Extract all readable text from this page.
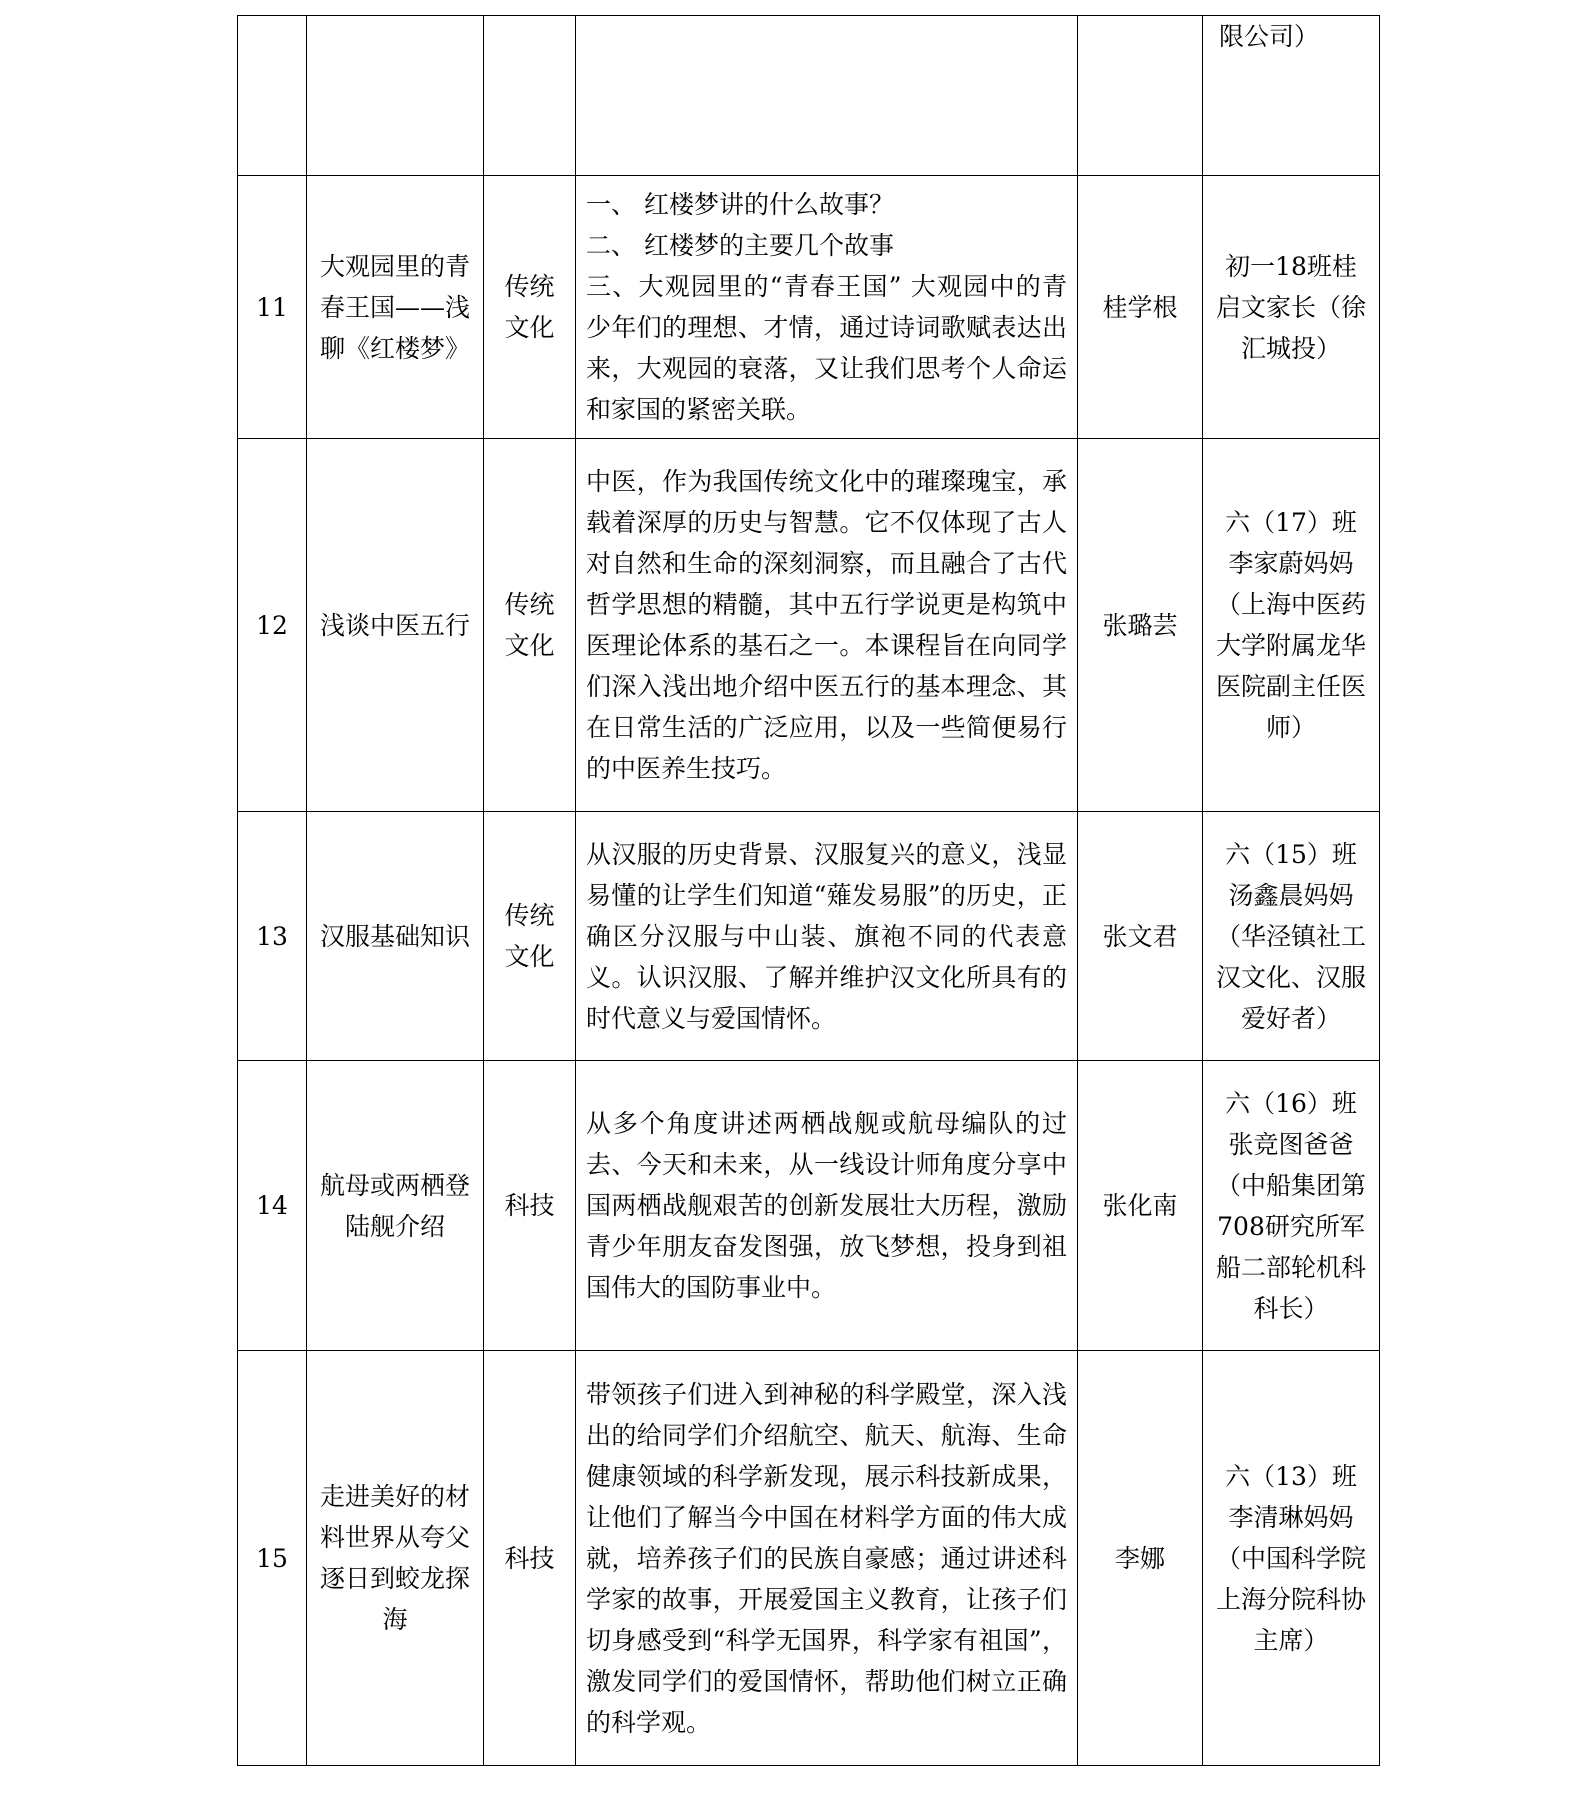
					限公司）
11	大观园里的青春王国——浅聊《红楼梦》	传统文化	一、 红楼梦讲的什么故事？
二、 红楼梦的主要几个故事
三、大观园里的“青春王国” 大观园中的青少年们的理想、才情，通过诗词歌赋表达出来，大观园的衰落，又让我们思考个人命运和家国的紧密关联。	桂学根	初一18班桂启文家长（徐汇城投）
12	浅谈中医五行	传统文化	中医，作为我国传统文化中的璀璨瑰宝，承载着深厚的历史与智慧。它不仅体现了古人对自然和生命的深刻洞察，而且融合了古代哲学思想的精髓，其中五行学说更是构筑中医理论体系的基石之一。本课程旨在向同学们深入浅出地介绍中医五行的基本理念、其在日常生活的广泛应用，以及一些简便易行的中医养生技巧。	张璐芸	六（17）班李家蔚妈妈（上海中医药大学附属龙华医院副主任医师）
13	汉服基础知识	传统文化	从汉服的历史背景、汉服复兴的意义，浅显易懂的让学生们知道“薙发易服”的历史，正确区分汉服与中山装、旗袍不同的代表意义。认识汉服、了解并维护汉文化所具有的时代意义与爱国情怀。	张文君	六（15）班汤鑫晨妈妈（华泾镇社工 汉文化、汉服爱好者）
14	航母或两栖登陆舰介绍	科技	从多个角度讲述两栖战舰或航母编队的过去、今天和未来，从一线设计师角度分享中国两栖战舰艰苦的创新发展壮大历程，激励青少年朋友奋发图强，放飞梦想，投身到祖国伟大的国防事业中。	张化南	六（16）班张竞图爸爸（中船集团第708研究所军船二部轮机科科长）
15	走进美好的材料世界从夸父逐日到蛟龙探海	科技	带领孩子们进入到神秘的科学殿堂，深入浅出的给同学们介绍航空、航天、航海、生命健康领域的科学新发现，展示科技新成果，让他们了解当今中国在材料学方面的伟大成就，培养孩子们的民族自豪感；通过讲述科学家的故事，开展爱国主义教育，让孩子们切身感受到“科学无国界，科学家有祖国”，激发同学们的爱国情怀，帮助他们树立正确的科学观。	李娜	六（13）班李清琳妈妈（中国科学院上海分院科协主席）
